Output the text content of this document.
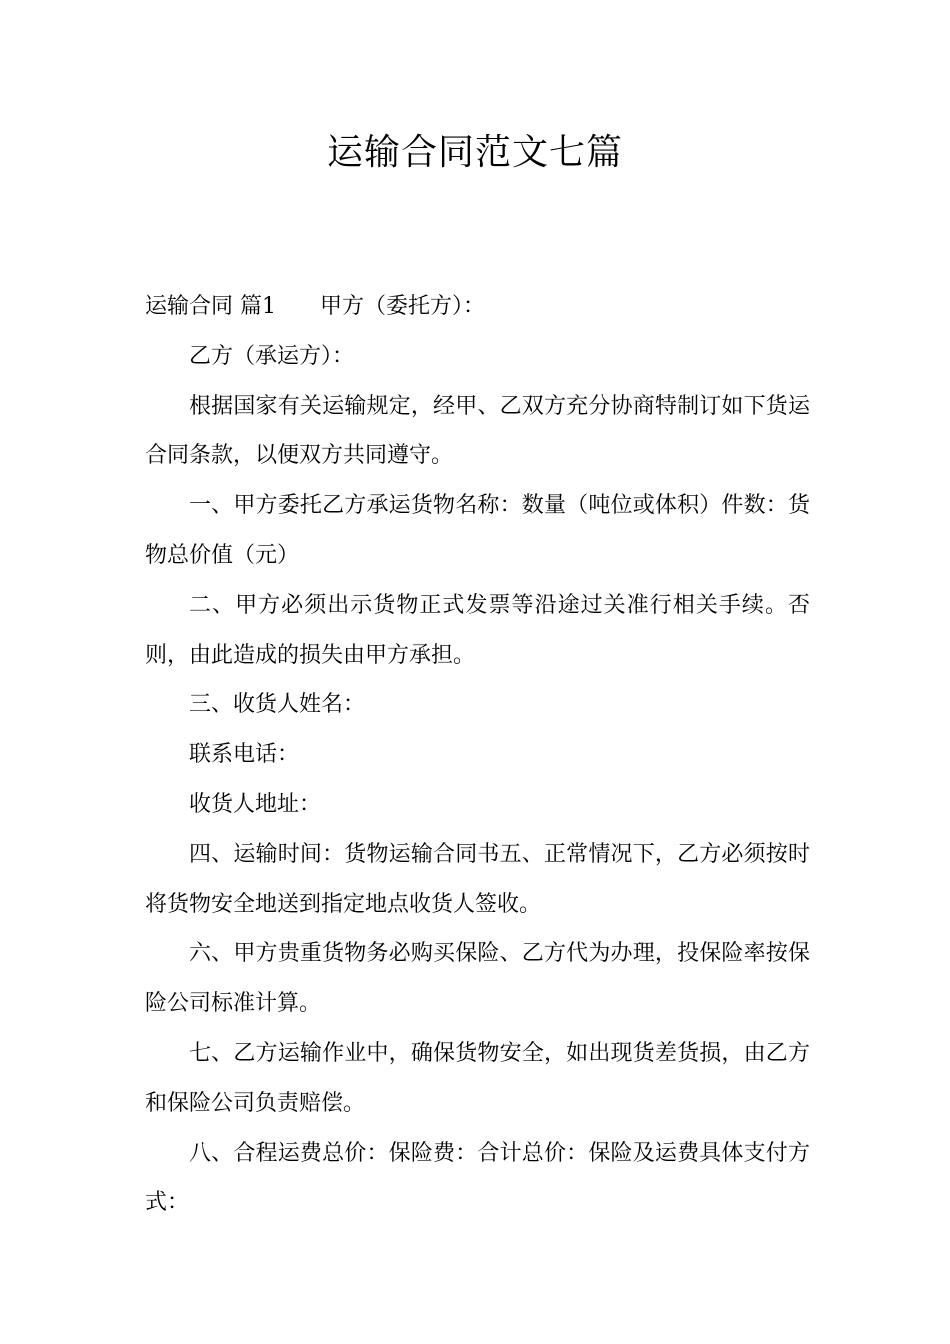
运输合同范文七篇

运输合同 篇1 甲方（委托方）：

乙方（承运方）：

根据国家有关运输规定，经甲、乙双方充分协商特制订如下货运合同条款，以便双方共同遵守。

一、甲方委托乙方承运货物名称：数量（吨位或体积）件数：货物总价值（元）

二、甲方必须出示货物正式发票等沿途过关准行相关手续。否则，由此造成的损失由甲方承担。

三、收货人姓名：

联系电话：

收货人地址：

四、运输时间：货物运输合同书五、正常情况下，乙方必须按时将货物安全地送到指定地点收货人签收。

六、甲方贵重货物务必购买保险、乙方代为办理，投保险率按保险公司标准计算。

七、乙方运输作业中，确保货物安全，如出现货差货损，由乙方和保险公司负责赔偿。

八、合程运费总价：保险费：合计总价：保险及运费具体支付方式：
